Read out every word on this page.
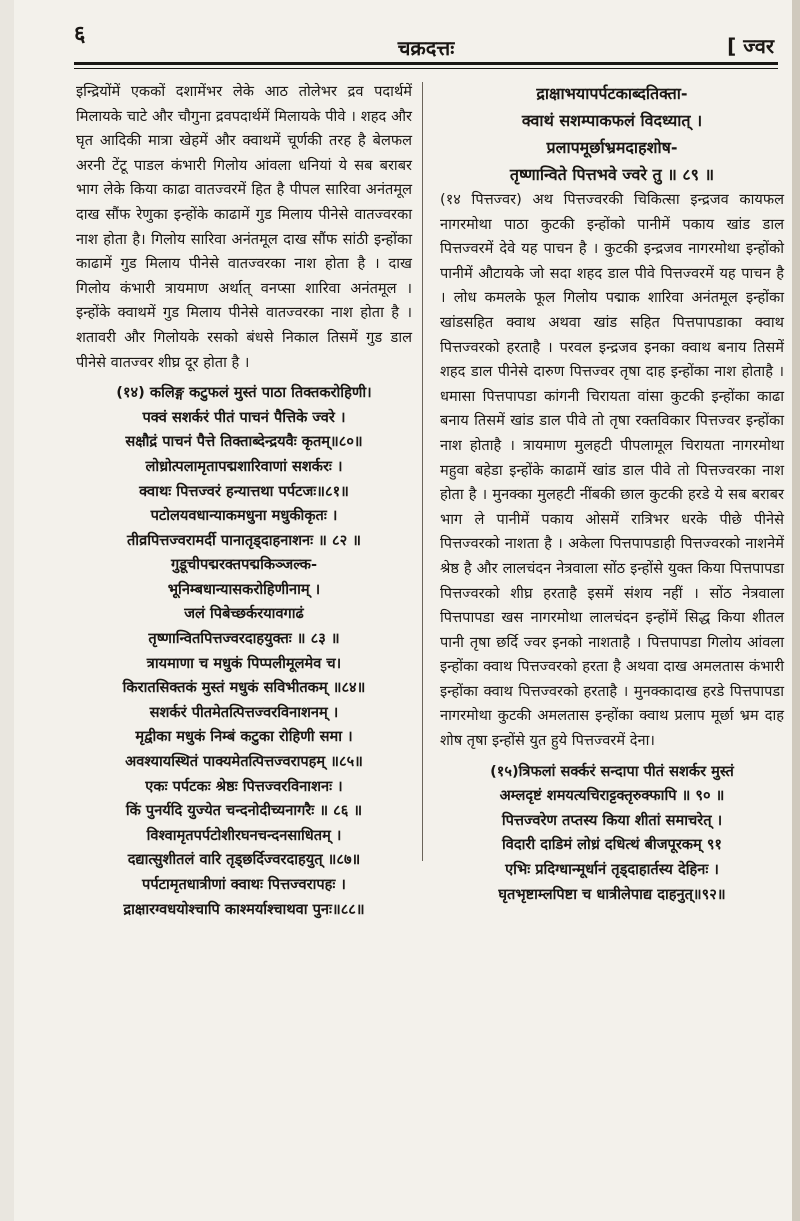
६
चक्रदत्तः	[ ज्वर

इन्द्रियोंमें एककों दशामेंभर लेके आठ तोलेभर द्रव पदार्थमें मिलायके चाटे और चौगुना द्रवपदार्थमें मिलायके पीवे । शहद और घृत आदिकी मात्रा खेहमें और क्वाथमें चूर्णकी तरह है बेलफल अरनी टेंटू पाडल कंभारी गिलोय आंवला धनियां ये सब बराबर भाग लेके किया काढा वातज्वरमें हित है पीपल सारिवा अनंतमूल दाख सौंफ रेणुका इन्होंके काढामें गुड मिलाय पीनेसे वातज्वरका नाश होता है। गिलोय सारिवा अनंतमूल दाख सौंफ सांठी इन्होंका काढामें गुड मिलाय पीनेसे वातज्वरका नाश होता है । दाख गिलोय कंभारी त्रायमाण अर्थात् वनप्सा शारिवा अनंतमूल । इन्होंके क्वाथमें गुड मिलाय पीनेसे वातज्वरका नाश होता है । शतावरी और गिलोयके रसको बंधसे निकाल तिसमें गुड डाल पीनेसे वातज्वर शीघ्र दूर होता है ।

(१४) कलिङ्ग कटुफलं मुस्तं पाठा तिक्तकरोहिणी।
पक्वं सशर्करं पीतं पाचनं पैत्तिके ज्वरे ।
सक्षौद्रं पाचनं पैत्ते तिक्ताब्देन्द्रयवैः कृतम्॥८०॥
लोध्रोत्पलामृतापद्मशारिवाणां सशर्करः ।
क्वाथः पित्तज्वरं हन्यात्तथा पर्पटजः॥८१॥
पटोलयवधान्याकमधुना मधुकीकृतः ।
तीव्रपित्तज्वरामर्दी पानातृड्दाहनाशनः ॥ ८२ ॥
गुडूचीपद्मरक्तपद्मकिञ्जल्क-
भूनिम्बधान्यासकरोहिणीनाम् ।
जलं पिबेच्छर्करयावगाढं
तृष्णान्वितपित्तज्वरदाहयुक्तः ॥ ८३ ॥
त्रायमाणा च मधुकं पिप्पलीमूलमेव च।
किरातसिक्तकं मुस्तं मधुकं सविभीतकम् ॥८४॥
सशर्करं पीतमेतत्पित्तज्वरविनाशनम् ।
मृद्वीका मधुकं निम्बं कटुका रोहिणी समा ।
अवश्यायस्थितं पाक्यमेतत्पित्तज्वरापहम् ॥८५॥
एकः पर्पटकः श्रेष्ठः पित्तज्वरविनाशनः ।
किं पुनर्यदि युज्येत चन्दनोदीच्यनागरैः ॥ ८६ ॥
विश्वामृतपर्पटोशीरघनचन्दनसाधितम् ।
दद्यात्सुशीतलं वारि तृड्छर्दिज्वरदाहयुत् ॥८७॥
पर्पटामृतधात्रीणां क्वाथः पित्तज्वरापहः ।
द्राक्षारग्वधयोश्चापि काश्मर्याश्चाथवा पुनः॥८८॥
द्राक्षाभयापर्पटकाब्दतिक्ता-
क्वाथं सशम्पाकफलं विदध्यात् ।
प्रलापमूर्छाभ्रमदाहशोष-
तृष्णान्विते पित्तभवे ज्वरे तु ॥ ८९ ॥

(१४ पित्तज्वर) अथ पित्तज्वरकी चिकित्सा इन्द्रजव कायफल नागरमोथा पाठा कुटकी इन्होंको पानीमें पकाय खांड डाल पित्तज्वरमें देवे यह पाचन है । कुटकी इन्द्रजव नागरमोथा इन्होंको पानीमें औटायके जो सदा शहद डाल पीवे पित्तज्वरमें यह पाचन है । लोध कमलके फूल गिलोय पद्माक शारिवा अनंतमूल इन्होंका खांडसहित क्वाथ अथवा खांड सहित पित्तपापडाका क्वाथ पित्तज्वरको हरताहै । परवल इन्द्रजव इनका क्वाथ बनाय तिसमें शहद डाल पीनेसे दारुण पित्तज्वर तृषा दाह इन्होंका नाश होताहै । धमासा पित्तपापडा कांगनी चिरायता वांसा कुटकी इन्होंका काढा बनाय तिसमें खांड डाल पीवे तो तृषा रक्तविकार पित्तज्वर इन्होंका नाश होताहै । त्रायमाण मुलहटी पीपलामूल चिरायता नागरमोथा महुवा बहेडा इन्होंके काढामें खांड डाल पीवे तो पित्तज्वरका नाश होता है । मुनक्का मुलहटी नींबकी छाल कुटकी हरडे ये सब बराबर भाग ले पानीमें पकाय ओसमें रात्रिभर धरके पीछे पीनेसे पित्तज्वरको नाशता है । अकेला पित्तपापडाही पित्तज्वरको नाशनेमें श्रेष्ठ है और लालचंदन नेत्रवाला सोंठ इन्होंसे युक्त किया पित्तपापडा पित्तज्वरको शीघ्र हरताहै इसमें संशय नहीं । सोंठ नेत्रवाला पित्तपापडा खस नागरमोथा लालचंदन इन्होंमें सिद्ध किया शीतल पानी तृषा छर्दि ज्वर इनको नाशताहै । पित्तपापडा गिलोय आंवला इन्होंका क्वाथ पित्तज्वरको हरता है अथवा दाख अमलतास कंभारी इन्होंका क्वाथ पित्तज्वरको हरताहै । मुनक्कादाख हरडे पित्तपापडा नागरमोथा कुटकी अमलतास इन्होंका क्वाथ प्रलाप मूर्छा भ्रम दाह शोष तृषा इन्होंसे युत हुये पित्तज्वरमें देना।

(१५)त्रिफलां सर्क्करं सन्दापा पीतं सशर्कर मुस्तं
अम्लदृष्टं शमयत्यचिराट्टक्तृरुक्फापि ॥ ९० ॥
पित्तज्वरेण तप्तस्य किया शीतां समाचरेत् ।
विदारी दाडिमं लोध्रं दधित्थं बीजपूरकम् ९१
एभिः प्रदिग्धान्मूर्धानं तृड्दाहार्तस्य देहिनः ।
घृतभृष्टाम्लपिष्टा च धात्रीलेपाद्य दाहनुत्॥९२॥
